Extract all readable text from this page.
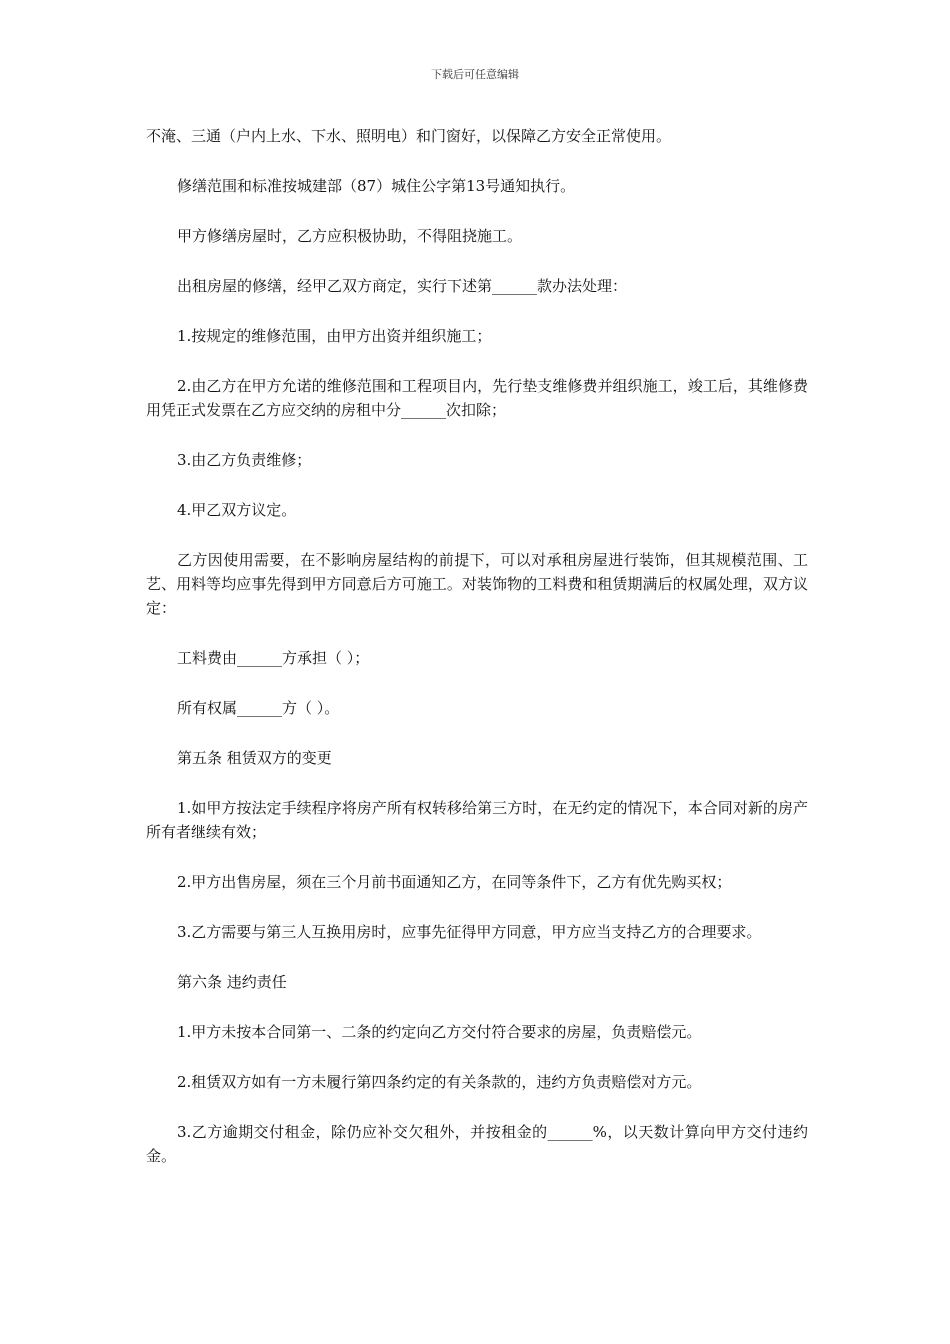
下载后可任意编辑

不淹、三通（户内上水、下水、照明电）和门窗好，以保障乙方安全正常使用。

修缮范围和标准按城建部（87）城住公字第13号通知执行。

甲方修缮房屋时，乙方应积极协助，不得阻挠施工。

出租房屋的修缮，经甲乙双方商定，实行下述第______款办法处理：

1.按规定的维修范围，由甲方出资并组织施工；

2.由乙方在甲方允诺的维修范围和工程项目内，先行垫支维修费并组织施工，竣工后，其维修费用凭正式发票在乙方应交纳的房租中分______次扣除；

3.由乙方负责维修；

4.甲乙双方议定。

乙方因使用需要，在不影响房屋结构的前提下，可以对承租房屋进行装饰，但其规模范围、工艺、用料等均应事先得到甲方同意后方可施工。对装饰物的工料费和租赁期满后的权属处理，双方议定：

工料费由______方承担（ ）；

所有权属______方（ ）。

第五条 租赁双方的变更

1.如甲方按法定手续程序将房产所有权转移给第三方时，在无约定的情况下，本合同对新的房产所有者继续有效；

2.甲方出售房屋，须在三个月前书面通知乙方，在同等条件下，乙方有优先购买权；

3.乙方需要与第三人互换用房时，应事先征得甲方同意，甲方应当支持乙方的合理要求。

第六条 违约责任

1.甲方未按本合同第一、二条的约定向乙方交付符合要求的房屋，负责赔偿元。

2.租赁双方如有一方未履行第四条约定的有关条款的，违约方负责赔偿对方元。

3.乙方逾期交付租金，除仍应补交欠租外，并按租金的______%，以天数计算向甲方交付违约金。
